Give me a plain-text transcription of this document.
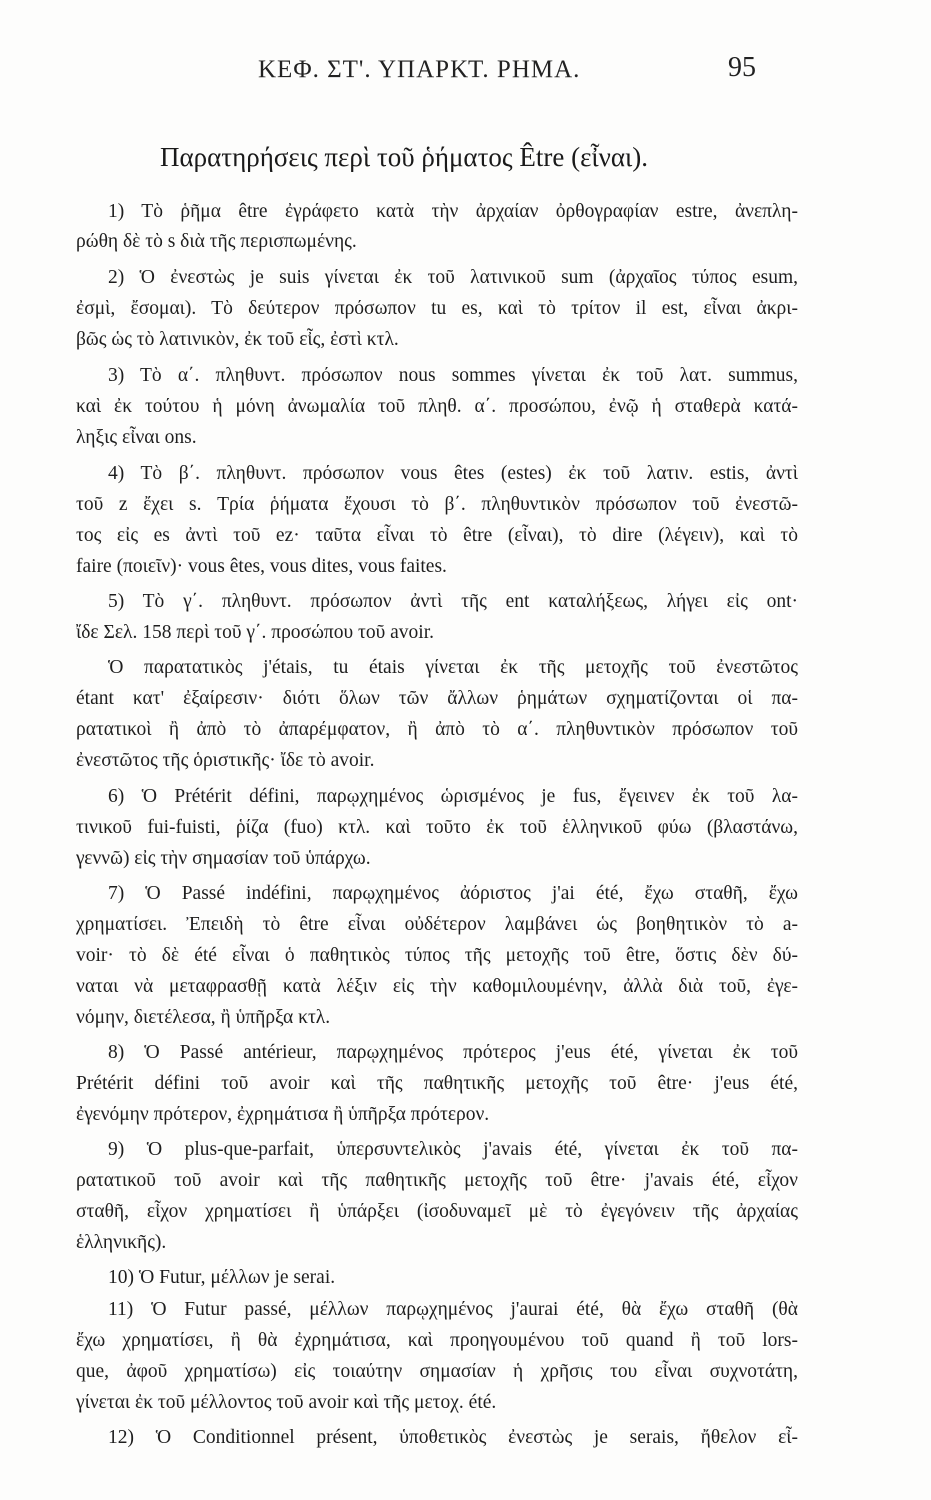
ΚΕΦ. ΣΤ'. ΥΠΑΡΚΤ. ΡΗΜΑ.	95
Παρατηρήσεις περὶ τοῦ ῥήματος Être (εἶναι).
1) Τὸ ῥῆμα être ἐγράφετο κατὰ τὴν ἀρχαίαν ὀρθογραφίαν estre, ἀνεπλη-
ρώθη δὲ τὸ s διὰ τῆς περισπωμένης.
2) Ὁ ἐνεστὼς je suis γίνεται ἐκ τοῦ λατινικοῦ sum (ἀρχαῖος τύπος esum,
ἐσμὶ, ἔσομαι). Τὸ δεύτερον πρόσωπον tu es, καὶ τὸ τρίτον il est, εἶναι ἀκρι-
βῶς ὡς τὸ λατινικὸν, ἐκ τοῦ εἶς, ἐστὶ κτλ.
3) Τὸ α΄. πληθυντ. πρόσωπον nous sommes γίνεται ἐκ τοῦ λατ. summus,
καὶ ἐκ τούτου ἡ μόνη ἀνωμαλία τοῦ πληθ. α΄. προσώπου, ἐνῷ ἡ σταθερὰ κατά-
ληξις εἶναι ons.
4) Τὸ β΄. πληθυντ. πρόσωπον vous êtes (estes) ἐκ τοῦ λατιν. estis, ἀντὶ
τοῦ z ἔχει s. Τρία ῥήματα ἔχουσι τὸ β΄. πληθυντικὸν πρόσωπον τοῦ ἐνεστῶ-
τος εἰς es ἀντὶ τοῦ ez· ταῦτα εἶναι τὸ être (εἶναι), τὸ dire (λέγειν), καὶ τὸ
faire (ποιεῖν)· vous êtes, vous dites, vous faites.
5) Τὸ γ΄. πληθυντ. πρόσωπον ἀντὶ τῆς ent καταλήξεως, λήγει εἰς ont·
ἴδε Σελ. 158 περὶ τοῦ γ΄. προσώπου τοῦ avoir.
Ὁ παρατατικὸς j'étais, tu étais γίνεται ἐκ τῆς μετοχῆς τοῦ ἐνεστῶτος
étant κατ' ἐξαίρεσιν· διότι ὅλων τῶν ἄλλων ῥημάτων σχηματίζονται οἱ πα-
ρατατικοὶ ἢ ἀπὸ τὸ ἀπαρέμφατον, ἢ ἀπὸ τὸ α΄. πληθυντικὸν πρόσωπον τοῦ
ἐνεστῶτος τῆς ὁριστικῆς· ἴδε τὸ avoir.
6) Ὁ Prétérit défini, παρῳχημένος ὡρισμένος je fus, ἔγεινεν ἐκ τοῦ λα-
τινικοῦ fui-fuisti, ῥίζα (fuo) κτλ. καὶ τοῦτο ἐκ τοῦ ἑλληνικοῦ φύω (βλαστάνω,
γεννῶ) εἰς τὴν σημασίαν τοῦ ὑπάρχω.
7) Ὁ Passé indéfini, παρῳχημένος ἀόριστος j'ai été, ἔχω σταθῆ, ἔχω
χρηματίσει. Ἐπειδὴ τὸ être εἶναι οὐδέτερον λαμβάνει ὡς βοηθητικὸν τὸ a-
voir· τὸ δὲ été εἶναι ὁ παθητικὸς τύπος τῆς μετοχῆς τοῦ être, ὅστις δὲν δύ-
ναται νὰ μεταφρασθῇ κατὰ λέξιν εἰς τὴν καθομιλουμένην, ἀλλὰ διὰ τοῦ, ἐγε-
νόμην, διετέλεσα, ἢ ὑπῆρξα κτλ.
8) Ὁ Passé antérieur, παρῳχημένος πρότερος j'eus été, γίνεται ἐκ τοῦ
Prétérit défini τοῦ avoir καὶ τῆς παθητικῆς μετοχῆς τοῦ être· j'eus été,
ἐγενόμην πρότερον, ἐχρημάτισα ἢ ὑπῆρξα πρότερον.
9) Ὁ plus-que-parfait, ὑπερσυντελικὸς j'avais été, γίνεται ἐκ τοῦ πα-
ρατατικοῦ τοῦ avoir καὶ τῆς παθητικῆς μετοχῆς τοῦ être· j'avais été, εἶχον
σταθῆ, εἶχον χρηματίσει ἢ ὑπάρξει (ἰσοδυναμεῖ μὲ τὸ ἐγεγόνειν τῆς ἀρχαίας
ἑλληνικῆς).
10) Ὁ Futur, μέλλων je serai.
11) Ὁ Futur passé, μέλλων παρῳχημένος j'aurai été, θὰ ἔχω σταθῆ (θὰ
ἔχω χρηματίσει, ἢ θὰ ἐχρημάτισα, καὶ προηγουμένου τοῦ quand ἢ τοῦ lors-
que, ἀφοῦ χρηματίσω) εἰς τοιαύτην σημασίαν ἡ χρῆσις του εἶναι συχνοτάτη,
γίνεται ἐκ τοῦ μέλλοντος τοῦ avoir καὶ τῆς μετοχ. été.
12) Ὁ Conditionnel présent, ὑποθετικὸς ἐνεστὼς je serais, ἤθελον εἶ-
